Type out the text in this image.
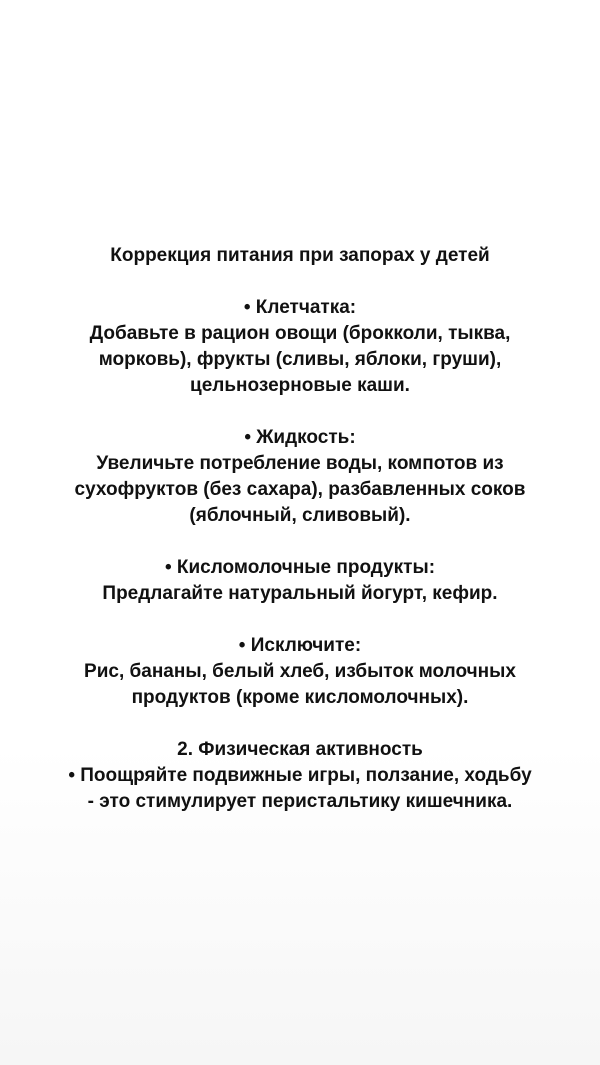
Коррекция питания при запорах у детей
• Клетчатка:
Добавьте в рацион овощи (брокколи, тыква,
морковь), фрукты (сливы, яблоки, груши),
цельнозерновые каши.
• Жидкость:
Увеличьте потребление воды, компотов из
сухофруктов (без сахара), разбавленных соков
(яблочный, сливовый).
• Кисломолочные продукты:
Предлагайте натуральный йогурт, кефир.
• Исключите:
Рис, бананы, белый хлеб, избыток молочных
продуктов (кроме кисломолочных).
2. Физическая активность
• Поощряйте подвижные игры, ползание, ходьбу
- это стимулирует перистальтику кишечника.
